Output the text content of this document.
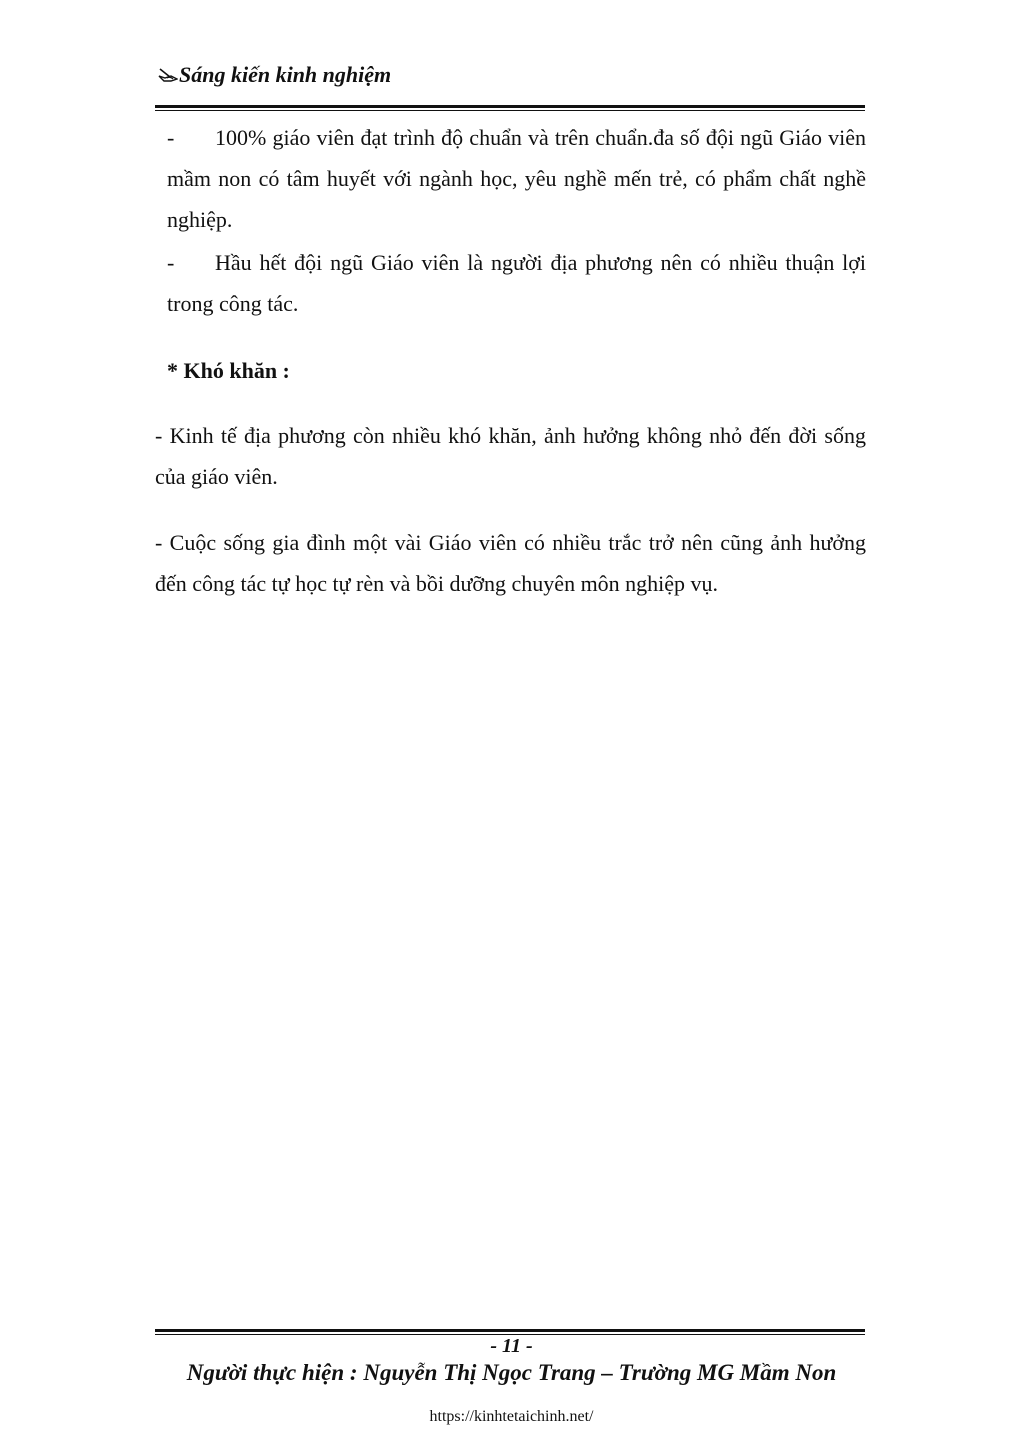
Sáng kiến kinh nghiệm
- 100% giáo viên đạt trình độ chuẩn và trên chuẩn.đa số đội ngũ Giáo viên mầm non có tâm huyết với ngành học, yêu nghề mến trẻ, có phẩm chất nghề nghiệp.
- Hầu hết đội ngũ Giáo viên là người địa phương nên có nhiều thuận lợi trong công tác.
* Khó khăn :
- Kinh tế địa phương còn nhiều khó khăn, ảnh hưởng không nhỏ đến đời sống của giáo viên.
- Cuộc sống gia đình một vài Giáo viên có nhiều trắc trở nên cũng ảnh hưởng đến công tác tự học tự rèn và bồi dưỡng chuyên môn nghiệp vụ.
- 11 -
Người thực hiện : Nguyễn Thị Ngọc Trang – Trường MG Mầm Non
https://kinhtetaichinh.net/
